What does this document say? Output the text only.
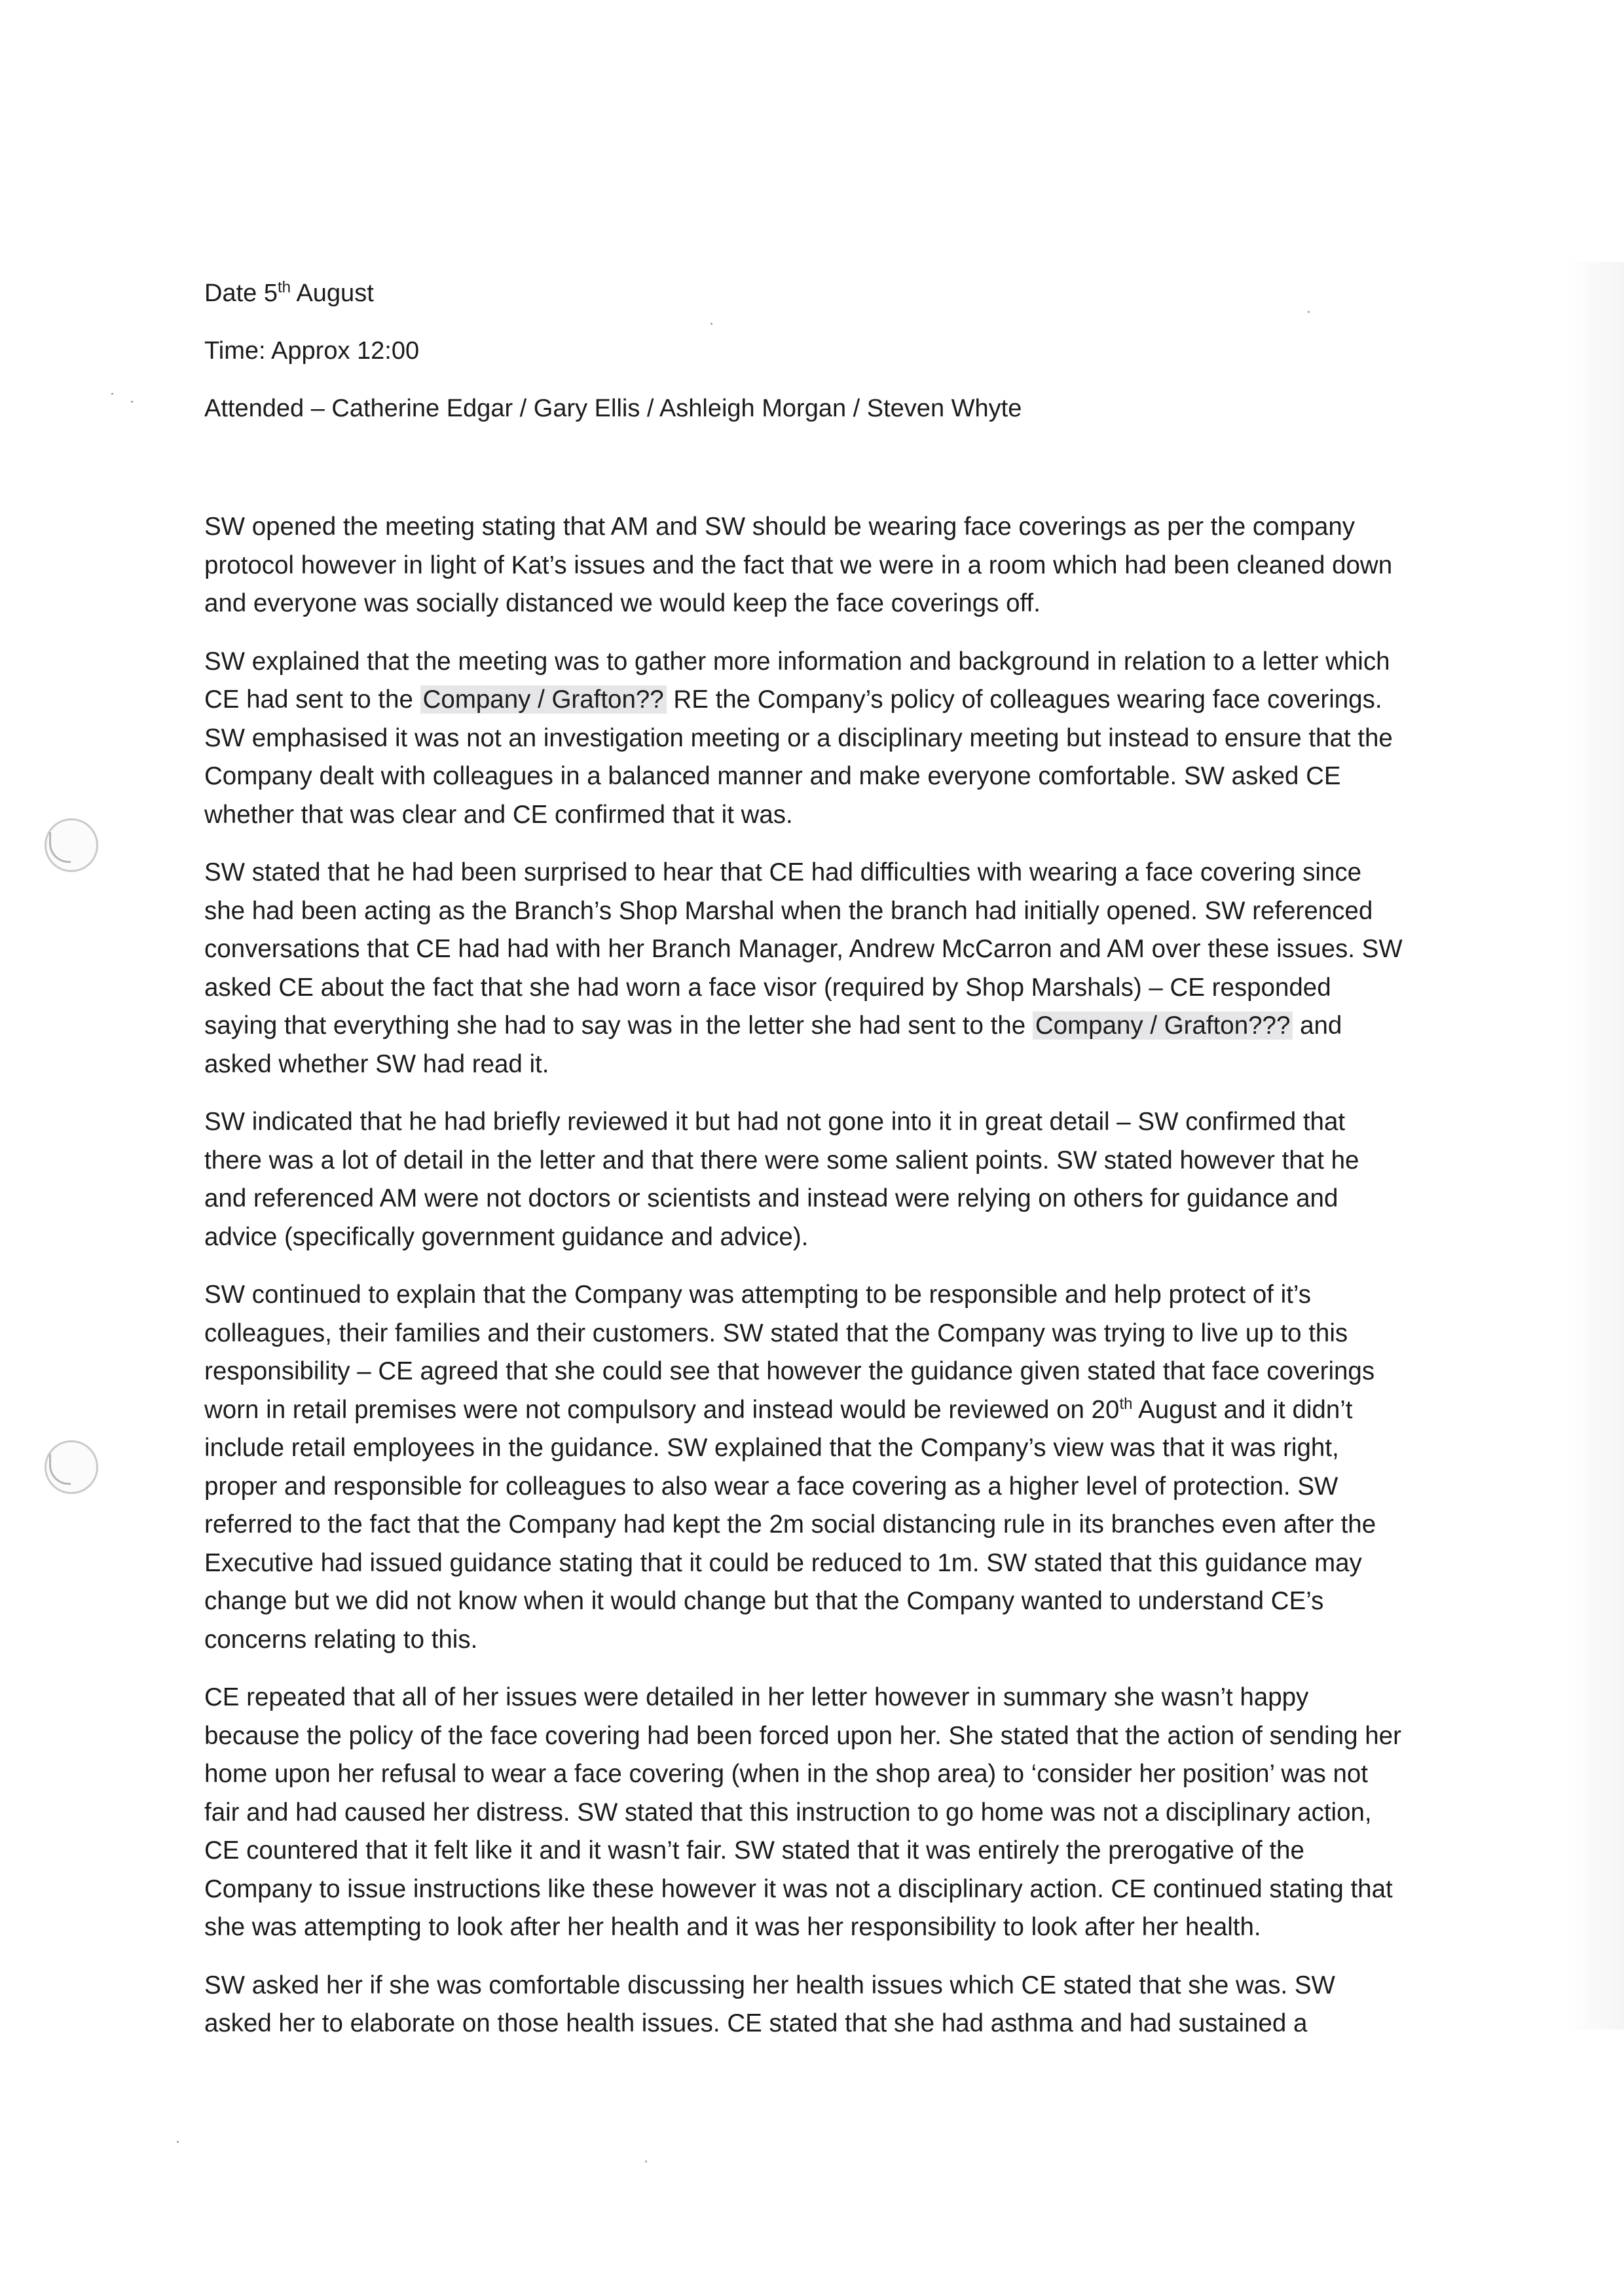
Date 5th August
Time: Approx 12:00
Attended – Catherine Edgar / Gary Ellis / Ashleigh Morgan / Steven Whyte

SW opened the meeting stating that AM and SW should be wearing face coverings as per the company protocol however in light of Kat’s issues and the fact that we were in a room which had been cleaned down and everyone was socially distanced we would keep the face coverings off.

SW explained that the meeting was to gather more information and background in relation to a letter which CE had sent to the Company / Grafton?? RE the Company’s policy of colleagues wearing face coverings. SW emphasised it was not an investigation meeting or a disciplinary meeting but instead to ensure that the Company dealt with colleagues in a balanced manner and make everyone comfortable. SW asked CE whether that was clear and CE confirmed that it was.

SW stated that he had been surprised to hear that CE had difficulties with wearing a face covering since she had been acting as the Branch’s Shop Marshal when the branch had initially opened. SW referenced conversations that CE had had with her Branch Manager, Andrew McCarron and AM over these issues. SW asked CE about the fact that she had worn a face visor (required by Shop Marshals) – CE responded saying that everything she had to say was in the letter she had sent to the Company / Grafton??? and asked whether SW had read it.

SW indicated that he had briefly reviewed it but had not gone into it in great detail – SW confirmed that there was a lot of detail in the letter and that there were some salient points. SW stated however that he and referenced AM were not doctors or scientists and instead were relying on others for guidance and advice (specifically government guidance and advice).

SW continued to explain that the Company was attempting to be responsible and help protect of it’s colleagues, their families and their customers. SW stated that the Company was trying to live up to this responsibility – CE agreed that she could see that however the guidance given stated that face coverings worn in retail premises were not compulsory and instead would be reviewed on 20th August and it didn’t include retail employees in the guidance. SW explained that the Company’s view was that it was right, proper and responsible for colleagues to also wear a face covering as a higher level of protection. SW referred to the fact that the Company had kept the 2m social distancing rule in its branches even after the Executive had issued guidance stating that it could be reduced to 1m. SW stated that this guidance may change but we did not know when it would change but that the Company wanted to understand CE’s concerns relating to this.

CE repeated that all of her issues were detailed in her letter however in summary she wasn’t happy because the policy of the face covering had been forced upon her. She stated that the action of sending her home upon her refusal to wear a face covering (when in the shop area) to ‘consider her position’ was not fair and had caused her distress. SW stated that this instruction to go home was not a disciplinary action, CE countered that it felt like it and it wasn’t fair. SW stated that it was entirely the prerogative of the Company to issue instructions like these however it was not a disciplinary action. CE continued stating that she was attempting to look after her health and it was her responsibility to look after her health.

SW asked her if she was comfortable discussing her health issues which CE stated that she was. SW asked her to elaborate on those health issues. CE stated that she had asthma and had sustained a
